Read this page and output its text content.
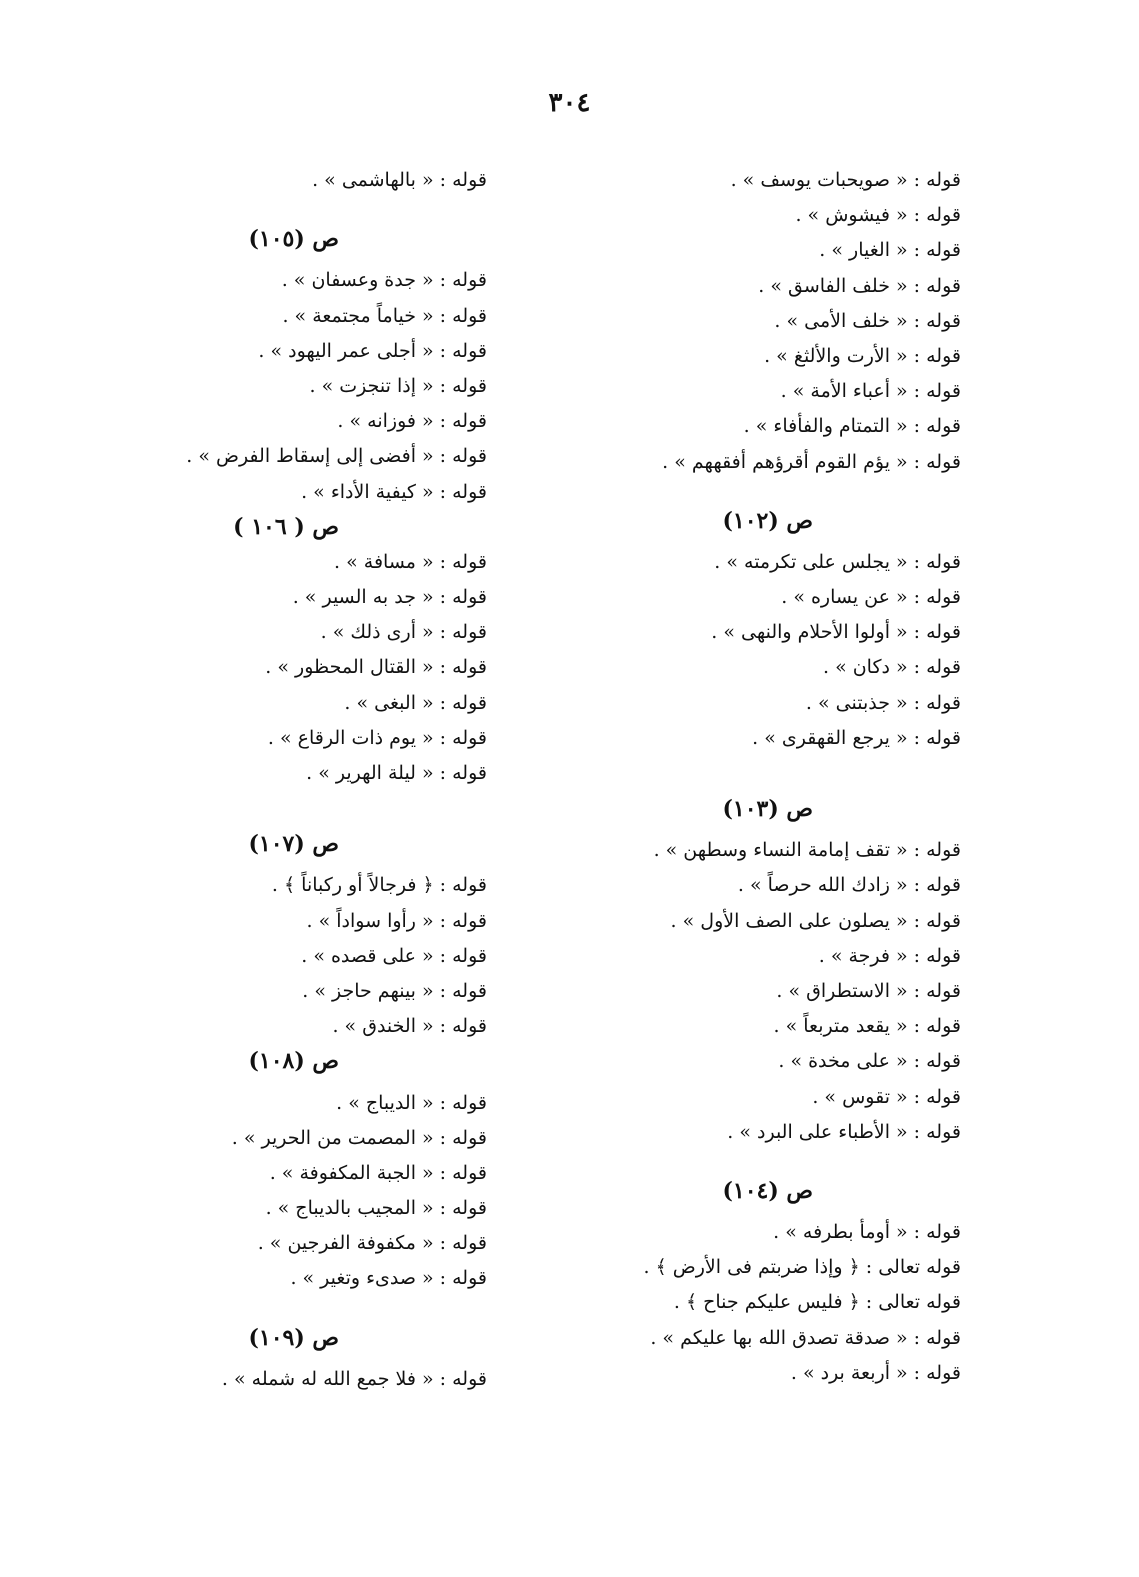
٣٠٤
قوله : « صويحبات يوسف » .
قوله : « فيشوش » .
قوله : « الغيار » .
قوله : « خلف الفاسق » .
قوله : « خلف الأمى » .
قوله : « الأرت والألثغ » .
قوله : « أعباء الأمة » .
قوله : « التمتام والفأفاء » .
قوله : « يؤم القوم أقرؤهم أفقههم » .
ص (١٠٢)
قوله : « يجلس على تكرمته » .
قوله : « عن يساره » .
قوله : « أولوا الأحلام والنهى » .
قوله : « دكان » .
قوله : « جذبتنى » .
قوله : « يرجع القهقرى » .
ص (١٠٣)
قوله : « تقف إمامة النساء وسطهن » .
قوله : « زادك الله حرصاً » .
قوله : « يصلون على الصف الأول » .
قوله : « فرجة » .
قوله : « الاستطراق » .
قوله : « يقعد متربعاً » .
قوله : « على مخدة » .
قوله : « تقوس » .
قوله : « الأطباء على البرد » .
ص (١٠٤)
قوله : « أومأ بطرفه » .
قوله تعالى : ﴿ وإذا ضربتم فى الأرض ﴾ .
قوله تعالى : ﴿ فليس عليكم جناح ﴾ .
قوله : « صدقة تصدق الله بها عليكم » .
قوله : « أربعة برد » .
قوله : « بالهاشمى » .
ص (١٠٥)
قوله : « جدة وعسفان » .
قوله : « خياماً مجتمعة » .
قوله : « أجلى عمر اليهود » .
قوله : « إذا تنجزت » .
قوله : « فوزانه » .
قوله : « أفضى إلى إسقاط الفرض » .
قوله : « كيفية الأداء » .
ص ( ١٠٦ )
قوله : « مسافة » .
قوله : « جد به السير » .
قوله : « أرى ذلك » .
قوله : « القتال المحظور » .
قوله : « البغى » .
قوله : « يوم ذات الرقاع » .
قوله : « ليلة الهرير » .
ص (١٠٧)
قوله : ﴿ فرجالاً أو ركباناً ﴾ .
قوله : « رأوا سواداً » .
قوله : « على قصده » .
قوله : « بينهم حاجز » .
قوله : « الخندق » .
ص (١٠٨)
قوله : « الديباج » .
قوله : « المصمت من الحرير » .
قوله : « الجبة المكفوفة » .
قوله : « المجيب بالديباج » .
قوله : « مكفوفة الفرجين » .
قوله : « صدىء وتغير » .
ص (١٠٩)
قوله : « فلا جمع الله له شمله » .
